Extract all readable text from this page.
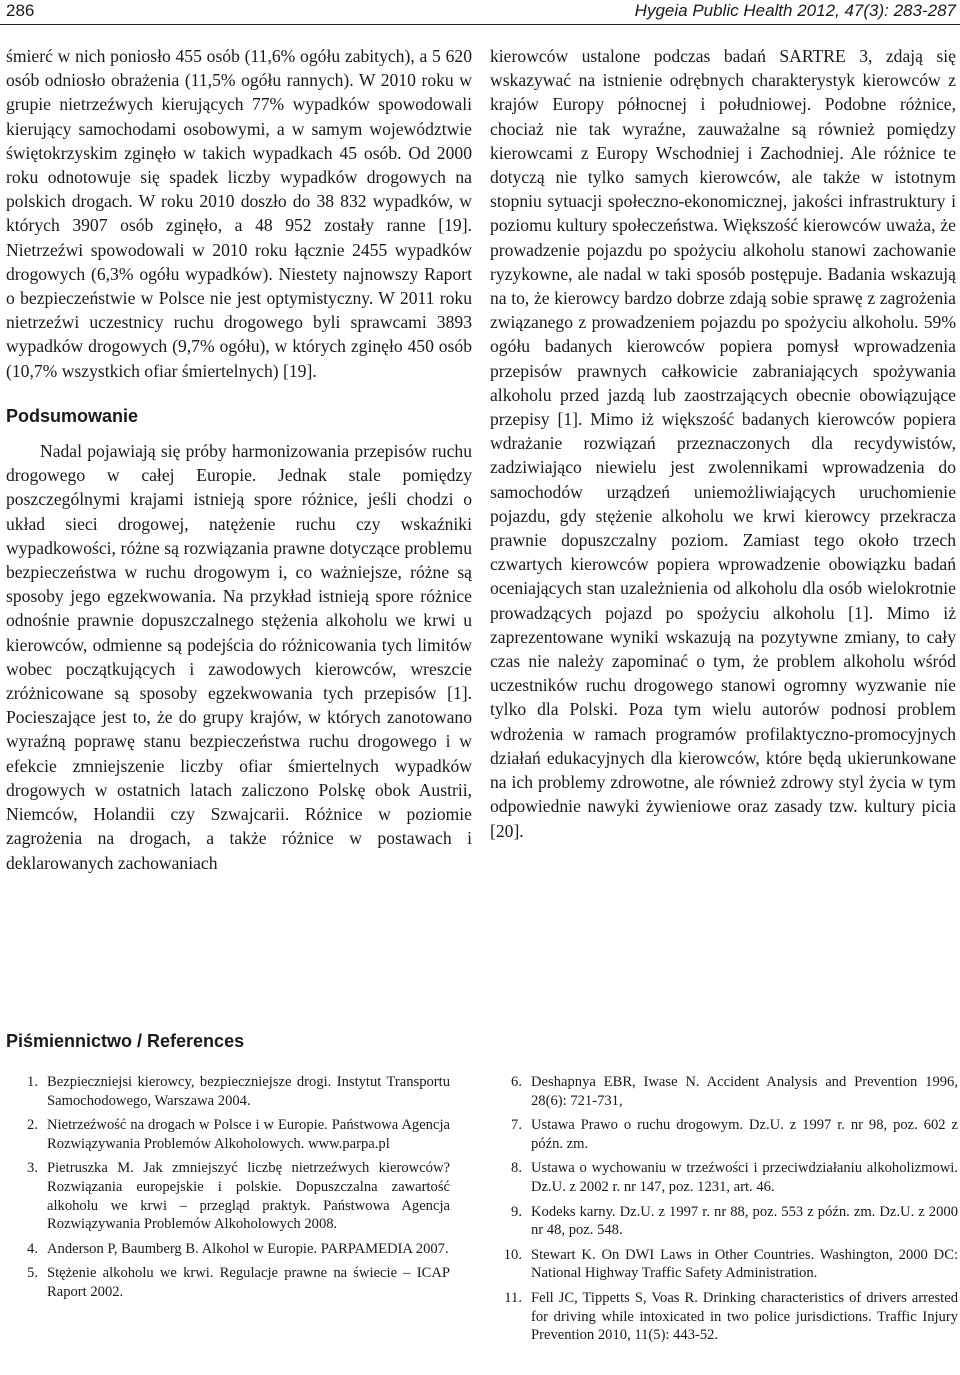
286	Hygeia Public Health 2012, 47(3): 283-287

śmierć w nich poniosło 455 osób (11,6% ogółu zabitych), a 5 620 osób odniosło obrażenia (11,5% ogółu rannych). W 2010 roku w grupie nietrzeźwych kierujących 77% wypadków spowodowali kierujący samochodami osobowymi, a w samym województwie świętokrzyskim zginęło w takich wypadkach 45 osób. Od 2000 roku odnotowuje się spadek liczby wypadków drogowych na polskich drogach. W roku 2010 doszło do 38 832 wypadków, w których 3907 osób zginęło, a 48 952 zostały ranne [19]. Nietrzeźwi spowodowali w 2010 roku łącznie 2455 wypadków drogowych (6,3% ogółu wypadków). Niestety najnowszy Raport o bezpieczeństwie w Polsce nie jest optymistyczny. W 2011 roku nietrzeźwi uczestnicy ruchu drogowego byli sprawcami 3893 wypadków drogowych (9,7% ogółu), w których zginęło 450 osób (10,7% wszystkich ofiar śmiertelnych) [19].

Podsumowanie

Nadal pojawiają się próby harmonizowania przepisów ruchu drogowego w całej Europie. Jednak stale pomiędzy poszczególnymi krajami istnieją spore różnice, jeśli chodzi o układ sieci drogowej, natężenie ruchu czy wskaźniki wypadkowości, różne są rozwiązania prawne dotyczące problemu bezpieczeństwa w ruchu drogowym i, co ważniejsze, różne są sposoby jego egzekwowania. Na przykład istnieją spore różnice odnośnie prawnie dopuszczalnego stężenia alkoholu we krwi u kierowców, odmienne są podejścia do różnicowania tych limitów wobec początkujących i zawodowych kierowców, wreszcie zróżnicowane są sposoby egzekwowania tych przepisów [1]. Pocieszające jest to, że do grupy krajów, w których zanotowano wyraźną poprawę stanu bezpieczeństwa ruchu drogowego i w efekcie zmniejszenie liczby ofiar śmiertelnych wypadków drogowych w ostatnich latach zaliczono Polskę obok Austrii, Niemców, Holandii czy Szwajcarii. Różnice w poziomie zagrożenia na drogach, a także różnice w postawach i deklarowanych zachowaniach

kierowców ustalone podczas badań SARTRE 3, zdają się wskazywać na istnienie odrębnych charakterystyk kierowców z krajów Europy północnej i południowej. Podobne różnice, chociaż nie tak wyraźne, zauważalne są również pomiędzy kierowcami z Europy Wschodniej i Zachodniej. Ale różnice te dotyczą nie tylko samych kierowców, ale także w istotnym stopniu sytuacji społeczno-ekonomicznej, jakości infrastruktury i poziomu kultury społeczeństwa. Większość kierowców uważa, że prowadzenie pojazdu po spożyciu alkoholu stanowi zachowanie ryzykowne, ale nadal w taki sposób postępuje. Badania wskazują na to, że kierowcy bardzo dobrze zdają sobie sprawę z zagrożenia związanego z prowadzeniem pojazdu po spożyciu alkoholu. 59% ogółu badanych kierowców popiera pomysł wprowadzenia przepisów prawnych całkowicie zabraniających spożywania alkoholu przed jazdą lub zaostrzających obecnie obowiązujące przepisy [1]. Mimo iż większość badanych kierowców popiera wdrażanie rozwiązań przeznaczonych dla recydywistów, zadziwiająco niewielu jest zwolennikami wprowadzenia do samochodów urządzeń uniemożliwiających uruchomienie pojazdu, gdy stężenie alkoholu we krwi kierowcy przekracza prawnie dopuszczalny poziom. Zamiast tego około trzech czwartych kierowców popiera wprowadzenie obowiązku badań oceniających stan uzależnienia od alkoholu dla osób wielokrotnie prowadzących pojazd po spożyciu alkoholu [1]. Mimo iż zaprezentowane wyniki wskazują na pozytywne zmiany, to cały czas nie należy zapominać o tym, że problem alkoholu wśród uczestników ruchu drogowego stanowi ogromny wyzwanie nie tylko dla Polski. Poza tym wielu autorów podnosi problem wdrożenia w ramach programów profilaktyczno-promocyjnych działań edukacyjnych dla kierowców, które będą ukierunkowane na ich problemy zdrowotne, ale również zdrowy styl życia w tym odpowiednie nawyki żywieniowe oraz zasady tzw. kultury picia [20].

Piśmiennictwo / References
1. Bezpieczniejsi kierowcy, bezpieczniejsze drogi. Instytut Transportu Samochodowego, Warszawa 2004.
2. Nietrzeźwość na drogach w Polsce i w Europie. Państwowa Agencja Rozwiązywania Problemów Alkoholowych. www.parpa.pl
3. Pietruszka M. Jak zmniejszyć liczbę nietrzeźwych kierowców? Rozwiązania europejskie i polskie. Dopuszczalna zawartość alkoholu we krwi – przegląd praktyk. Państwowa Agencja Rozwiązywania Problemów Alkoholowych 2008.
4. Anderson P, Baumberg B. Alkohol w Europie. PARPAMEDIA 2007.
5. Stężenie alkoholu we krwi. Regulacje prawne na świecie – ICAP Raport 2002.
6. Deshapnya EBR, Iwase N. Accident Analysis and Prevention 1996, 28(6): 721-731,
7. Ustawa Prawo o ruchu drogowym. Dz.U. z 1997 r. nr 98, poz. 602 z późn. zm.
8. Ustawa o wychowaniu w trzeźwości i przeciwdziałaniu alkoholizmowi. Dz.U. z 2002 r. nr 147, poz. 1231, art. 46.
9. Kodeks karny. Dz.U. z 1997 r. nr 88, poz. 553 z późn. zm. Dz.U. z 2000 nr 48, poz. 548.
10. Stewart K. On DWI Laws in Other Countries. Washington, 2000 DC: National Highway Traffic Safety Administration.
11. Fell JC, Tippetts S, Voas R. Drinking characteristics of drivers arrested for driving while intoxicated in two police jurisdictions. Traffic Injury Prevention 2010, 11(5): 443-52.
